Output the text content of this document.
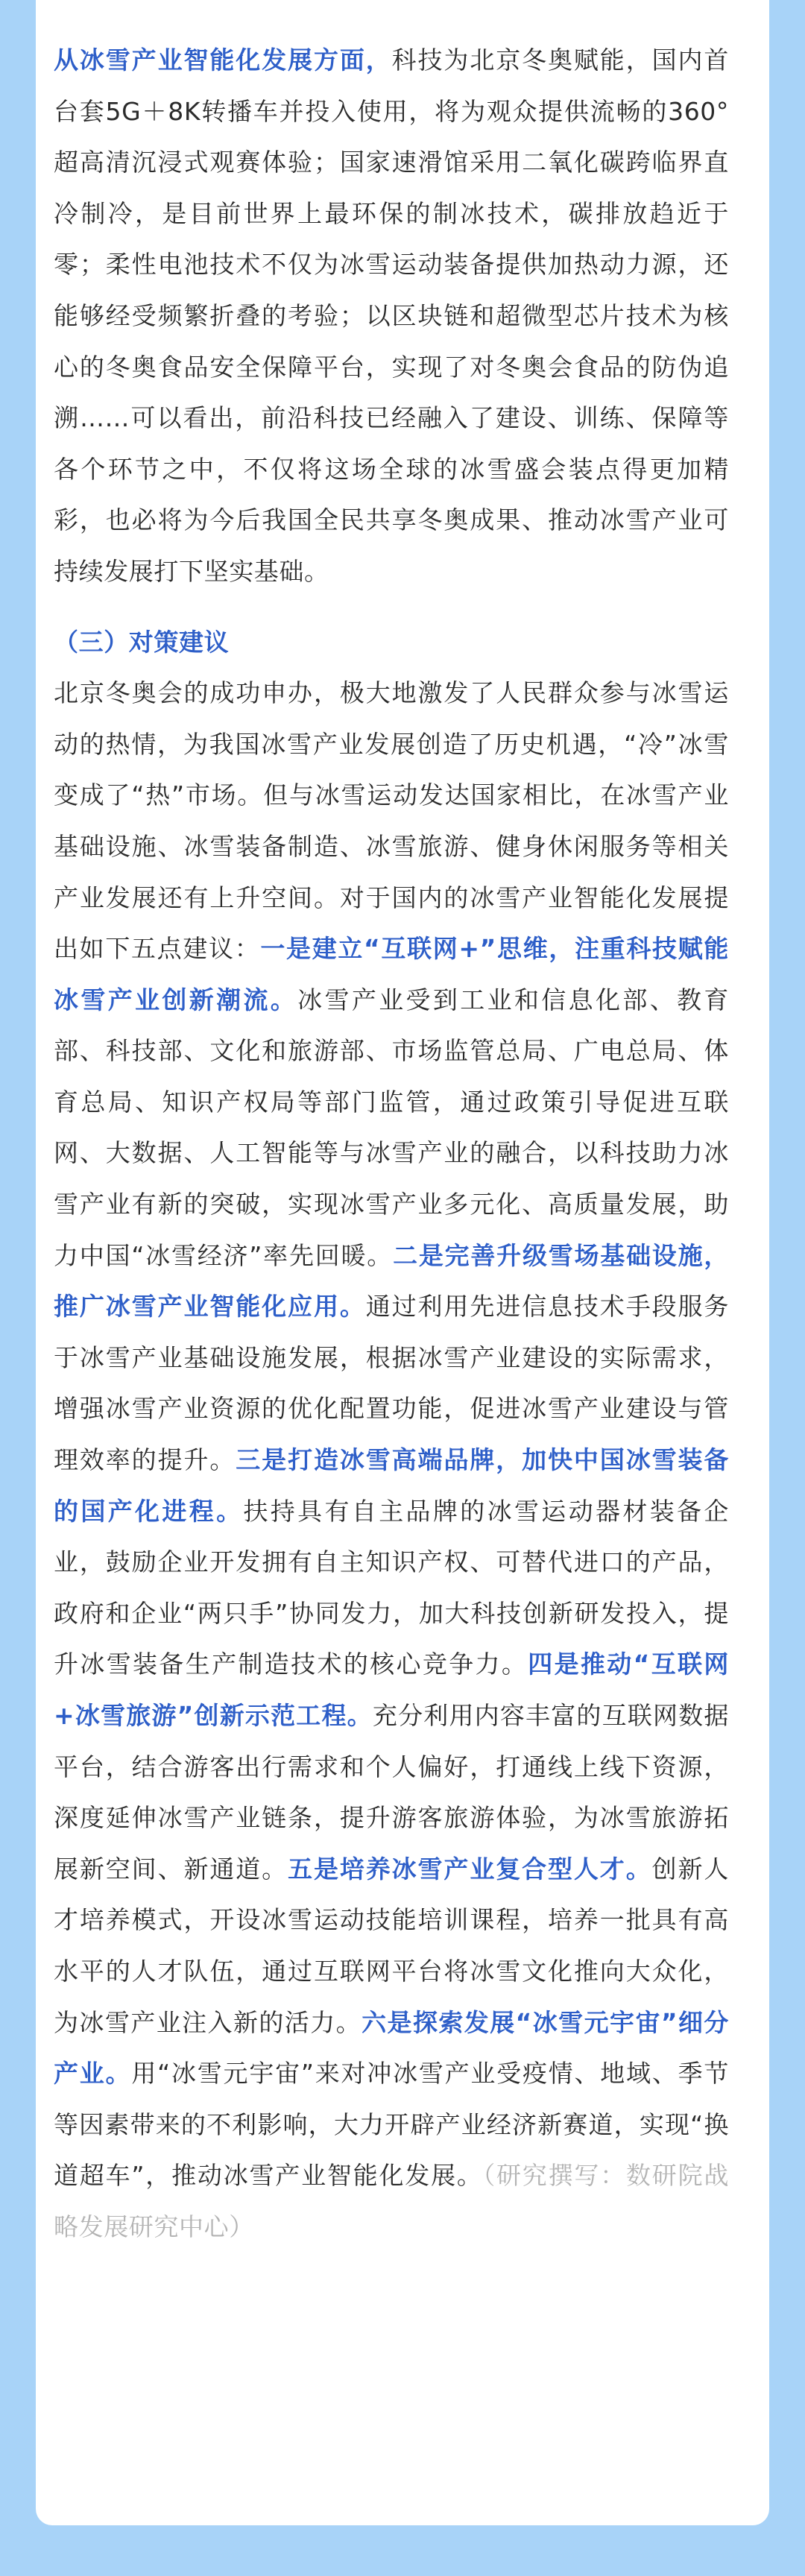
从冰雪产业智能化发展方面，科技为北京冬奥赋能，国内首台套5G＋8K转播车并投入使用，将为观众提供流畅的360°超高清沉浸式观赛体验；国家速滑馆采用二氧化碳跨临界直冷制冷，是目前世界上最环保的制冰技术，碳排放趋近于零；柔性电池技术不仅为冰雪运动装备提供加热动力源，还能够经受频繁折叠的考验；以区块链和超微型芯片技术为核心的冬奥食品安全保障平台，实现了对冬奥会食品的防伪追溯……可以看出，前沿科技已经融入了建设、训练、保障等各个环节之中，不仅将这场全球的冰雪盛会装点得更加精彩，也必将为今后我国全民共享冬奥成果、推动冰雪产业可持续发展打下坚实基础。

（三）对策建议

北京冬奥会的成功申办，极大地激发了人民群众参与冰雪运动的热情，为我国冰雪产业发展创造了历史机遇，“冷”冰雪变成了“热”市场。但与冰雪运动发达国家相比，在冰雪产业基础设施、冰雪装备制造、冰雪旅游、健身休闲服务等相关产业发展还有上升空间。对于国内的冰雪产业智能化发展提出如下五点建议：一是建立“互联网+”思维，注重科技赋能冰雪产业创新潮流。冰雪产业受到工业和信息化部、教育部、科技部、文化和旅游部、市场监管总局、广电总局、体育总局、知识产权局等部门监管，通过政策引导促进互联网、大数据、人工智能等与冰雪产业的融合，以科技助力冰雪产业有新的突破，实现冰雪产业多元化、高质量发展，助力中国“冰雪经济”率先回暖。二是完善升级雪场基础设施，推广冰雪产业智能化应用。通过利用先进信息技术手段服务于冰雪产业基础设施发展，根据冰雪产业建设的实际需求，增强冰雪产业资源的优化配置功能，促进冰雪产业建设与管理效率的提升。三是打造冰雪高端品牌，加快中国冰雪装备的国产化进程。扶持具有自主品牌的冰雪运动器材装备企业，鼓励企业开发拥有自主知识产权、可替代进口的产品，政府和企业“两只手”协同发力，加大科技创新研发投入，提升冰雪装备生产制造技术的核心竞争力。四是推动“互联网+冰雪旅游”创新示范工程。充分利用内容丰富的互联网数据平台，结合游客出行需求和个人偏好，打通线上线下资源，深度延伸冰雪产业链条，提升游客旅游体验，为冰雪旅游拓展新空间、新通道。五是培养冰雪产业复合型人才。创新人才培养模式，开设冰雪运动技能培训课程，培养一批具有高水平的人才队伍，通过互联网平台将冰雪文化推向大众化，为冰雪产业注入新的活力。六是探索发展“冰雪元宇宙”细分产业。用“冰雪元宇宙”来对冲冰雪产业受疫情、地域、季节等因素带来的不利影响，大力开辟产业经济新赛道，实现“换道超车”，推动冰雪产业智能化发展。（研究撰写：数研院战略发展研究中心）
